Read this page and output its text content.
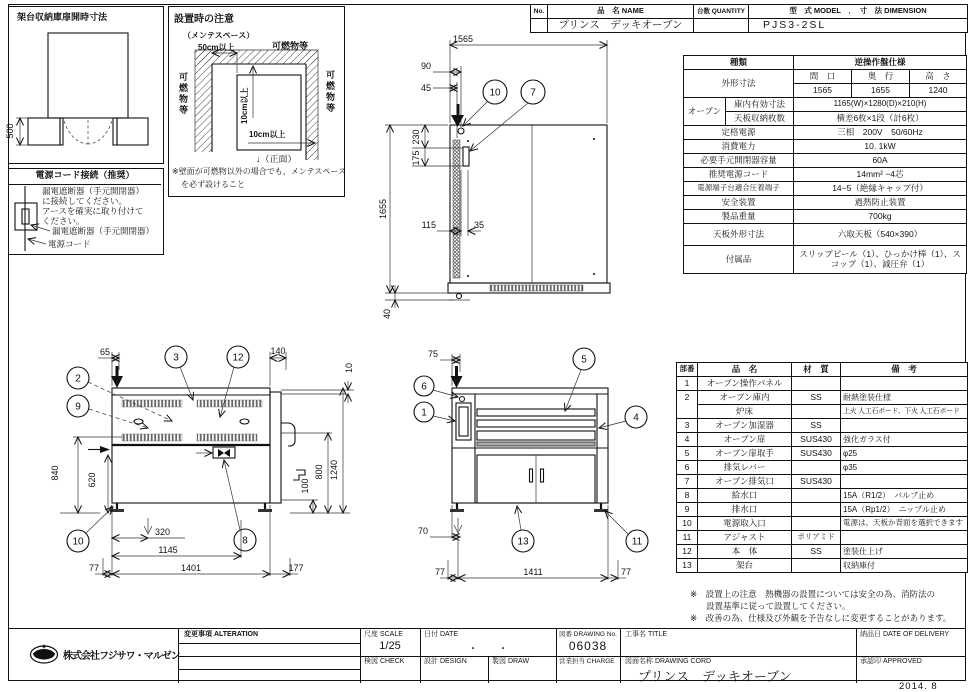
No.	品　名 NAME	台数 QUANTITY	型　式 MODEL　．　寸　法 DIMENSION
	プリンス　デッキオーブン		PJS3-2SL
架台収納庫扉開時寸法
500
電源コード接続（推奨）
漏電遮断器（手元開閉器）
に接続してください。
アースを確実に取り付けて
ください。
漏電遮断器（手元開閉器）
電源コード
設置時の注意
（メンテスペース）
50cm以上	可燃物等
可燃物等	可燃物等
10cm以上
10cm以上
↓（正面）
※壁面が可燃物以外の場合でも、メンテスペース
を必ず設けること
種類		逆操作盤仕様		
外形寸法		間　口	奥　行	高　さ
		1565	1655	1240
オーブン	庫内有効寸法	1165(W)×1280(D)×210(H)		
	天板収納枚数	横差6枚×1段（計6枚）		
定格電源		三相　200V　50/60Hz		
消費電力		10. 1kW		
必要手元開閉器容量		60A		
推奨電源コード		14mm² −4芯		
電源端子台適合圧着端子		14−5（絶縁キャップ付）		
安全装置		過熱防止装置		
製品重量		700kg		
天板外形寸法		六取天板（540×390）		
付属品		スリップピール（1）、ひっかけ棒（1）、スコップ（1）、減圧弁（1）		
部番	品　名	材　質	備　考
1	オーブン操作パネル		
2	オーブン庫内	SS	耐熱塗装仕様
	炉床		上火 人工石ボード、下火 人工石ボード
3	オーブン加湿器	SS	
4	オーブン扉	SUS430	強化ガラス付
5	オーブン扉取手	SUS430	φ25
6	排気レバー		φ35
7	オーブン排気口	SUS430	
8	給水口		15A（R1/2）　バルブ止め
9	排水口		15A（Rp1/2）　ニップル止め
10	電源取入口		電源は、天板か背面を選択できます
11	アジャスト	ポリアミド	
12	本　体	SS	塗装仕上げ
13	架台		収納庫付
※　設置上の注意　熱機器の設置については安全の為、消防法の
設置基準に従って設置してください。
※　改善の為、仕様及び外観を予告なしに変更することがあります。
1565
90
45
230
175
1655
115	35
40
10	7
65	140
10
840	620	1240
800
100
320
1145
77	1401	177
2
3	12
9
10	8
75
70
77	1411	77
6
1
5
4
13	11
株式会社フジサワ・マルゼン
変更事項 ALTERATION	尺度 SCALE
1/25
検図 CHECK
日付 DATE
・　　・
設計 DESIGN	製図 DRAW
図番 DRAWING No.
06038
営業担当 CHARGE
工事名 TITLE
図面名称 DRAWING CORD
プリンス　デッキオーブン
納品日 DATE OF DELIVERY
承認印 APPROVED
2014. 8
